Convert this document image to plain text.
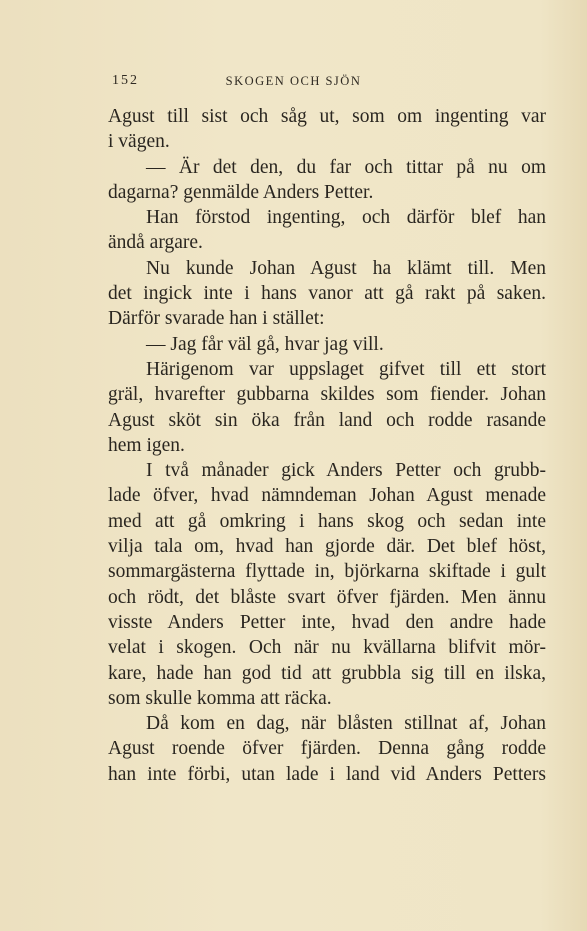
152	SKOGEN OCH SJÖN
Agust till sist och såg ut, som om ingenting var
i vägen.
— Är det den, du far och tittar på nu om
dagarna? genmälde Anders Petter.
Han förstod ingenting, och därför blef han
ändå argare.
Nu kunde Johan Agust ha klämt till. Men
det ingick inte i hans vanor att gå rakt på saken.
Därför svarade han i stället:
— Jag får väl gå, hvar jag vill.
Härigenom var uppslaget gifvet till ett stort
gräl, hvarefter gubbarna skildes som fiender. Johan
Agust sköt sin öka från land och rodde rasande
hem igen.
I två månader gick Anders Petter och grubb-
lade öfver, hvad nämndeman Johan Agust menade
med att gå omkring i hans skog och sedan inte
vilja tala om, hvad han gjorde där. Det blef höst,
sommargästerna flyttade in, björkarna skiftade i gult
och rödt, det blåste svart öfver fjärden. Men ännu
visste Anders Petter inte, hvad den andre hade
velat i skogen. Och när nu kvällarna blifvit mör-
kare, hade han god tid att grubbla sig till en ilska,
som skulle komma att räcka.
Då kom en dag, när blåsten stillnat af, Johan
Agust roende öfver fjärden. Denna gång rodde
han inte förbi, utan lade i land vid Anders Petters
